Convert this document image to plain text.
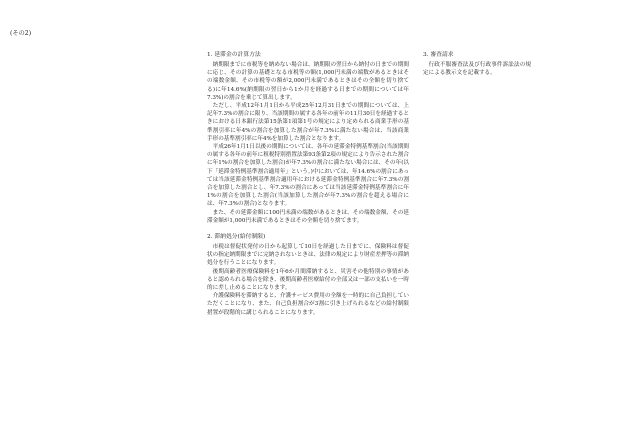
(その2)
1. 延滞金の計算方法

納期限までに市税等を納めない場合は、納期限の翌日から納付の日までの期間に応じ、その計算の基礎となる市税等の額(1,000円未満の端数があるときはその端数金額、その市税等の額が2,000円未満であるときはその全額を切り捨てる)に年14.6%(納期限の翌日から1か月を経過する日までの期間については年7.3%)の割合を乗じて算出します。

ただし、平成12年1月1日から平成25年12月31日までの期間については、上記年7.3%の割合に限り、当該期間の属する各年の前年の11月30日を経過するときにおける日本銀行法第15条第1項第1号の規定により定められる商業手形の基準割引率に年4%の割合を加算した割合が年7.3%に満たない場合は、当該商業手形の基準割引率に年4%を加算した割合となります。

平成26年1月1日以後の期間については、各年の延滞金特例基準割合(当該期間の属する各年の前年に租税特別措置法第93条第2項の規定により告示された割合に年1%の割合を加算した割合)が年7.3%の割合に満たない場合には、その年(以下「延滞金特例基準割合適用年」という。)中においては、年14.6%の割合にあっては当該延滞金特例基準割合適用年における延滞金特例基準割合に年7.3%の割合を加算した割合とし、年7.3%の割合にあっては当該延滞金特例基準割合に年1%の割合を加算した割合(当該加算した割合が年7.3%の割合を超える場合には、年7.3%の割合)となります。

また、その延滞金額に100円未満の端数があるときは、その端数金額、その延滞金額が1,000円未満であるときはその全額を切り捨てます。

2. 滞納処分(給付制限)

市税は督促状発付の日から起算して10日を経過した日までに、保険料は督促状の指定納期限までに完納されないときは、法律の規定により財産差押等の滞納処分を行うことになります。

後期高齢者医療保険料を1年6か月間滞納すると、災害その他特別の事情があると認められる場合を除き、後期高齢者医療給付の全部又は一部の支払いを一時的に差し止めることになります。

介護保険料を滞納すると、介護サービス費用の全額を一時的に自己負担していただくことになり、また、自己負担割合が3割に引き上げられるなどの給付制限措置が段階的に講じられることになります。

3. 審査請求

行政不服審査法及び行政事件訴訟法の規定による教示文を記載する。
